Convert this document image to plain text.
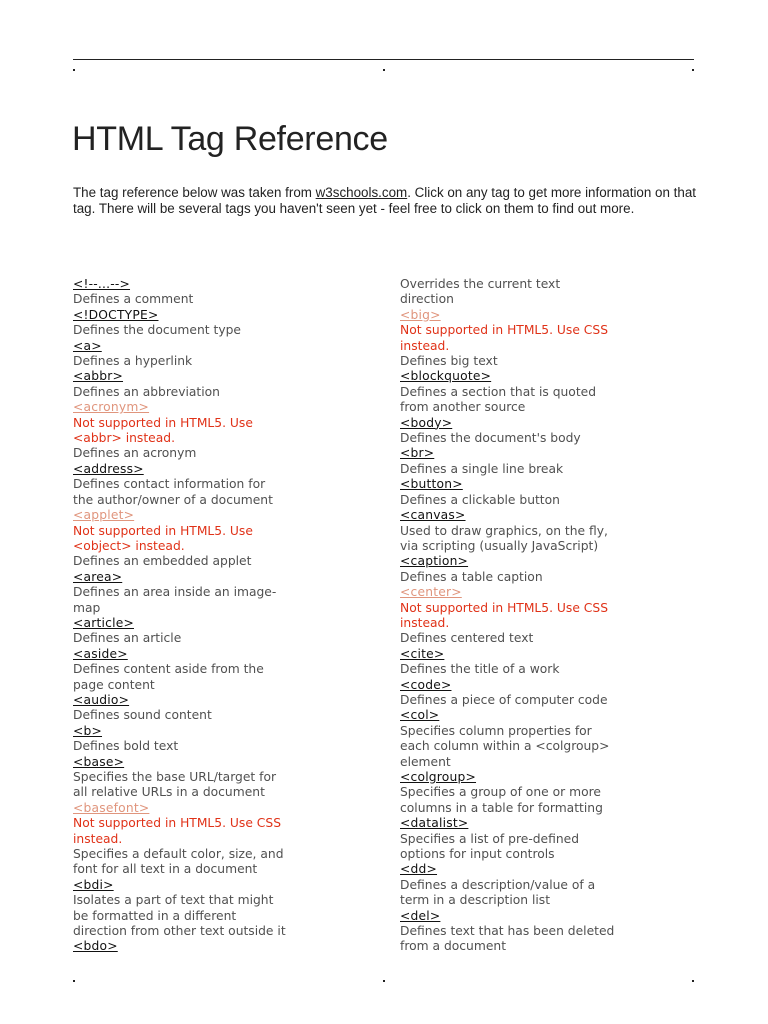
HTML Tag Reference

The tag reference below was taken from w3schools.com. Click on any tag to get more information on that tag. There will be several tags you haven't seen yet - feel free to click on them to find out more.

<!--...-->
Defines a comment
<!DOCTYPE>
Defines the document type
<a>
Defines a hyperlink
<abbr>
Defines an abbreviation
<acronym>
Not supported in HTML5. Use
<abbr> instead.
Defines an acronym
<address>
Defines contact information for
the author/owner of a document
<applet>
Not supported in HTML5. Use
<object> instead.
Defines an embedded applet
<area>
Defines an area inside an image-
map
<article>
Defines an article
<aside>
Defines content aside from the
page content
<audio>
Defines sound content
<b>
Defines bold text
<base>
Specifies the base URL/target for
all relative URLs in a document
<basefont>
Not supported in HTML5. Use CSS
instead.
Specifies a default color, size, and
font for all text in a document
<bdi>
Isolates a part of text that might
be formatted in a different
direction from other text outside it
<bdo>
Overrides the current text
direction
<big>
Not supported in HTML5. Use CSS
instead.
Defines big text
<blockquote>
Defines a section that is quoted
from another source
<body>
Defines the document's body
<br>
Defines a single line break
<button>
Defines a clickable button
<canvas>
Used to draw graphics, on the fly,
via scripting (usually JavaScript)
<caption>
Defines a table caption
<center>
Not supported in HTML5. Use CSS
instead.
Defines centered text
<cite>
Defines the title of a work
<code>
Defines a piece of computer code
<col>
Specifies column properties for
each column within a <colgroup>
element
<colgroup>
Specifies a group of one or more
columns in a table for formatting
<datalist>
Specifies a list of pre-defined
options for input controls
<dd>
Defines a description/value of a
term in a description list
<del>
Defines text that has been deleted
from a document
